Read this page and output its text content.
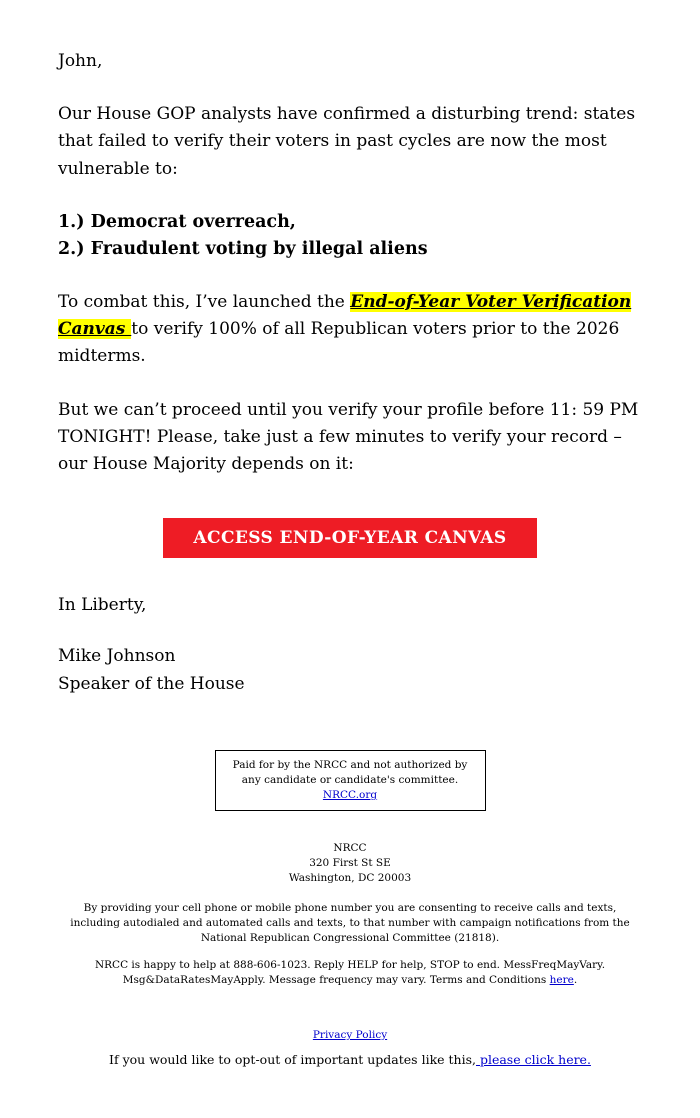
John,

Our House GOP analysts have confirmed a disturbing trend: states that failed to verify their voters in past cycles are now the most vulnerable to:

1.) Democrat overreach,
2.) Fraudulent voting by illegal aliens

To combat this, I’ve launched the End-of-Year Voter Verification Canvas to verify 100% of all Republican voters prior to the 2026 midterms.

But we can’t proceed until you verify your profile before 11: 59 PM TONIGHT! Please, take just a few minutes to verify your record – our House Majority depends on it:

ACCESS END-OF-YEAR CANVAS

In Liberty,

Mike Johnson
Speaker of the House

Paid for by the NRCC and not authorized by any candidate or candidate's committee. NRCC.org
NRCC
320 First St SE
Washington, DC 20003
By providing your cell phone or mobile phone number you are consenting to receive calls and texts, including autodialed and automated calls and texts, to that number with campaign notifications from the National Republican Congressional Committee (21818).
NRCC is happy to help at 888-606-1023. Reply HELP for help, STOP to end. MessFreqMayVary.
Msg&DataRatesMayApply. Message frequency may vary. Terms and Conditions here.
Privacy Policy
If you would like to opt-out of important updates like this, please click here.
